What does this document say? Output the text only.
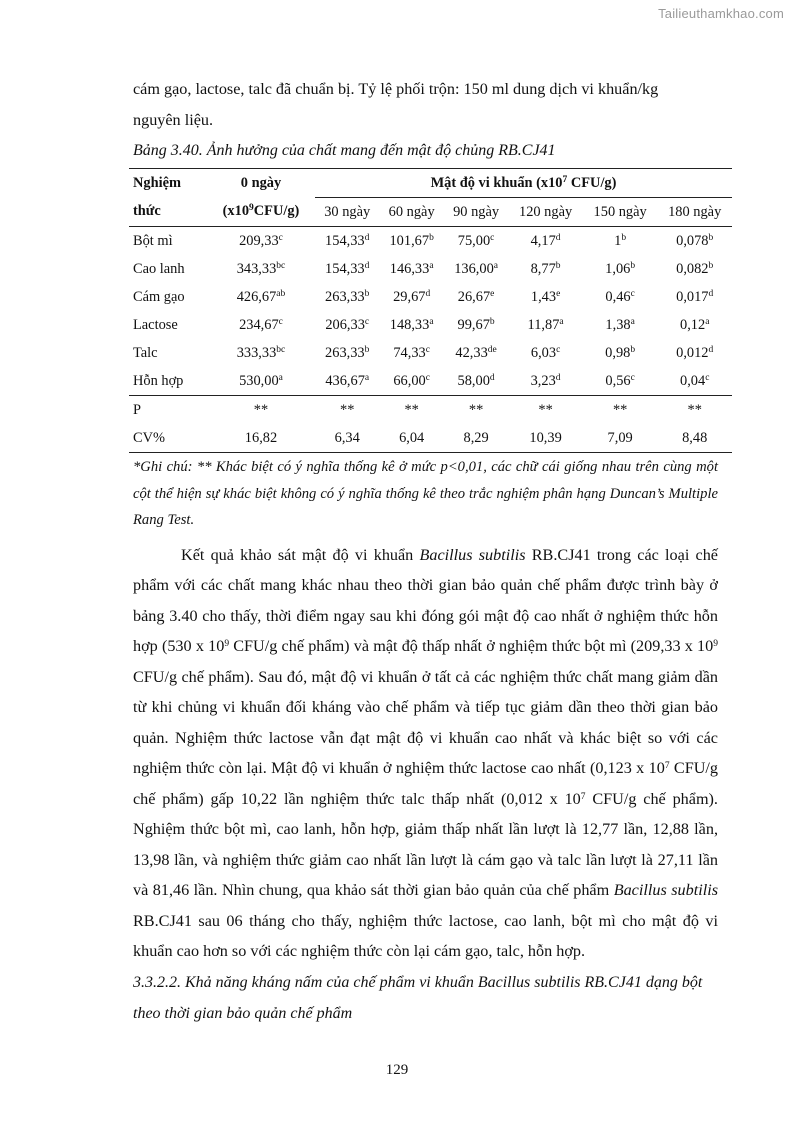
Tailieuthamkhao.com

cám gạo, lactose, talc đã chuẩn bị. Tỷ lệ phối trộn: 150 ml dung dịch vi khuẩn/kg
nguyên liệu.

Bảng 3.40. Ảnh hưởng của chất mang đến mật độ chủng RB.CJ41

Nghiệm	0 ngày	Mật độ vi khuẩn ($x10^7$ CFU/g)					
thức	$(x10^9CFU/g)$	30 ngày	60 ngày	90 ngày	120 ngày	150 ngày	180 ngày
Bột mì	209,33$^c$	154,33$^d$	101,67$^b$	75,00$^c$	4,17$^d$	1$^b$	0,078$^b$
Cao lanh	343,33$^{bc}$	154,33$^d$	146,33$^a$	136,00$^a$	8,77$^b$	1,06$^b$	0,082$^b$
Cám gạo	426,67$^{ab}$	263,33$^b$	29,67$^d$	26,67e	1,43e	0,46$^c$	0,017$^d$
Lactose	234,67$^c$	206,33$^c$	148,33$^a$	99,67$^b$	11,87$^a$	1,38$^a$	0,12$^a$
Talc	333,33$^{bc}$	263,33$^b$	74,33$^c$	42,33de	6,03$^c$	0,98$^b$	0,012$^d$
Hỗn hợp	530,00$^a$	436,67$^a$	66,00$^c$	58,00$^d$	3,23$^d$	0,56$^c$	0,04$^c$
P	**	**	**	**	**	**	**
CV%	16,82	6,34	6,04	8,29	10,39	7,09	8,48

*Ghi chú: ** Khác biệt có ý nghĩa thống kê ở mức p<0,01, các chữ cái giống nhau trên cùng một cột thể hiện sự khác biệt không có ý nghĩa thống kê theo trắc nghiệm phân hạng Duncan’s Multiple Rang Test.

Kết quả khảo sát mật độ vi khuẩn Bacillus subtilis RB.CJ41 trong các loại chế phẩm với các chất mang khác nhau theo thời gian bảo quản chế phẩm được trình bày ở bảng 3.40 cho thấy, thời điểm ngay sau khi đóng gói mật độ cao nhất ở nghiệm thức hỗn hợp (530 x $10^9$ CFU/g chế phẩm) và mật độ thấp nhất ở nghiệm thức bột mì (209,33 x $10^9$ CFU/g chế phẩm). Sau đó, mật độ vi khuẩn ở tất cả các nghiệm thức chất mang giảm dần từ khi chủng vi khuẩn đối kháng vào chế phẩm và tiếp tục giảm dần theo thời gian bảo quản. Nghiệm thức lactose vẫn đạt mật độ vi khuẩn cao nhất và khác biệt so với các nghiệm thức còn lại. Mật độ vi khuẩn ở nghiệm thức lactose cao nhất (0,123 x $10^7$ CFU/g chế phẩm) gấp 10,22 lần nghiệm thức talc thấp nhất (0,012 x $10^7$ CFU/g chế phẩm). Nghiệm thức bột mì, cao lanh, hỗn hợp, giảm thấp nhất lần lượt là 12,77 lần, 12,88 lần, 13,98 lần, và nghiệm thức giảm cao nhất lần lượt là cám gạo và talc lần lượt là 27,11 lần và 81,46 lần. Nhìn chung, qua khảo sát thời gian bảo quản của chế phẩm Bacillus subtilis RB.CJ41 sau 06 tháng cho thấy, nghiệm thức lactose, cao lanh, bột mì cho mật độ vi khuẩn cao hơn so với các nghiệm thức còn lại cám gạo, talc, hỗn hợp.

3.3.2.2. Khả năng kháng nấm của chế phẩm vi khuẩn Bacillus subtilis RB.CJ41 dạng bột theo thời gian bảo quản chế phẩm

129
